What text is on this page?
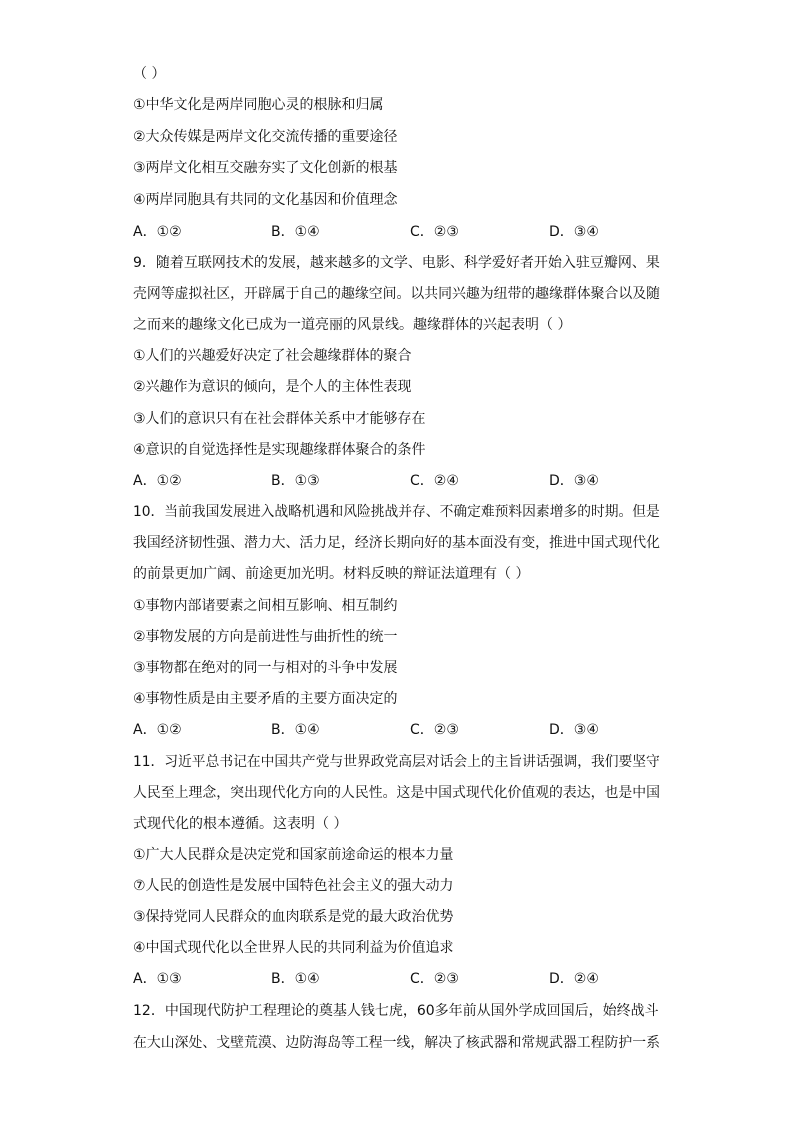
（ ）
①中华文化是两岸同胞心灵的根脉和归属
②大众传媒是两岸文化交流传播的重要途径
③两岸文化相互交融夯实了文化创新的根基
④两岸同胞具有共同的文化基因和价值理念
A．①②	B．①④	C．②③	D．③④
9．随着互联网技术的发展，越来越多的文学、电影、科学爱好者开始入驻豆瓣网、果
壳网等虚拟社区，开辟属于自己的趣缘空间。以共同兴趣为纽带的趣缘群体聚合以及随
之而来的趣缘文化已成为一道亮丽的风景线。趣缘群体的兴起表明（ ）
①人们的兴趣爱好决定了社会趣缘群体的聚合
②兴趣作为意识的倾向，是个人的主体性表现
③人们的意识只有在社会群体关系中才能够存在
④意识的自觉选择性是实现趣缘群体聚合的条件
A．①②	B．①③	C．②④	D．③④
10．当前我国发展进入战略机遇和风险挑战并存、不确定难预料因素增多的时期。但是
我国经济韧性强、潜力大、活力足，经济长期向好的基本面没有变，推进中国式现代化
的前景更加广阔、前途更加光明。材料反映的辩证法道理有（ ）
①事物内部诸要素之间相互影响、相互制约
②事物发展的方向是前进性与曲折性的统一
③事物都在绝对的同一与相对的斗争中发展
④事物性质是由主要矛盾的主要方面决定的
A．①②	B．①④	C．②③	D．③④
11．习近平总书记在中国共产党与世界政党高层对话会上的主旨讲话强调，我们要坚守
人民至上理念，突出现代化方向的人民性。这是中国式现代化价值观的表达，也是中国
式现代化的根本遵循。这表明（ ）
①广大人民群众是决定党和国家前途命运的根本力量
⑦人民的创造性是发展中国特色社会主义的强大动力
③保持党同人民群众的血肉联系是党的最大政治优势
④中国式现代化以全世界人民的共同利益为价值追求
A．①③	B．①④	C．②③	D．②④
12．中国现代防护工程理论的奠基人钱七虎，60多年前从国外学成回国后，始终战斗
在大山深处、戈壁荒漠、边防海岛等工程一线，解决了核武器和常规武器工程防护一系
